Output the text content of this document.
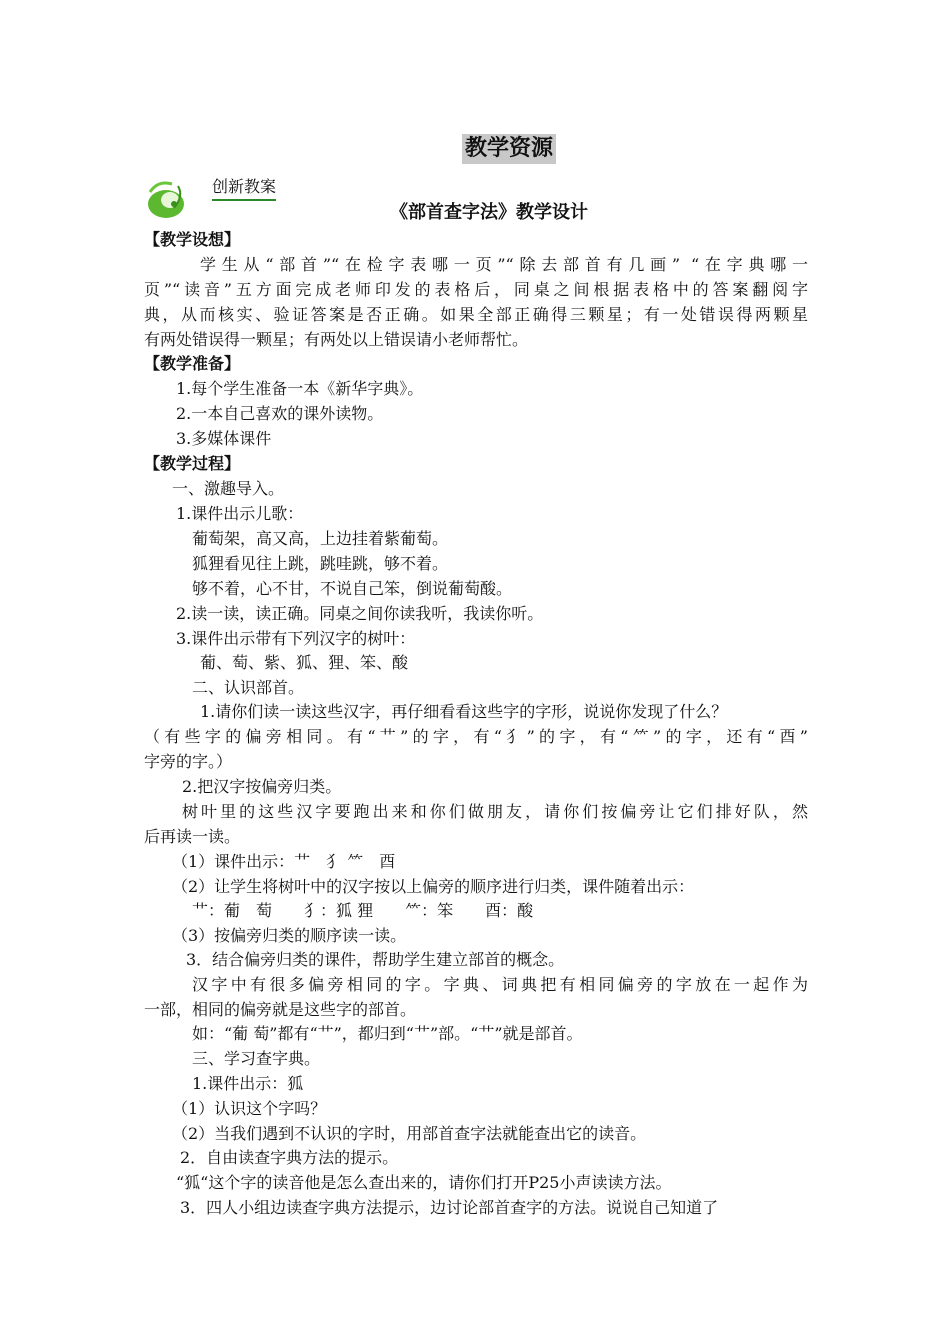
教学资源
创新教案
《部首查字法》教学设计
【教学设想】
学生从“部首”“在检字表哪一页”“除去部首有几画” “在字典哪一
页”“读音”五方面完成老师印发的表格后，同桌之间根据表格中的答案翻阅字
典，从而核实、验证答案是否正确。如果全部正确得三颗星；有一处错误得两颗星
有两处错误得一颗星；有两处以上错误请小老师帮忙。
【教学准备】
1.每个学生准备一本《新华字典》。
2.一本自己喜欢的课外读物。
3.多媒体课件
【教学过程】
一、激趣导入。
1.课件出示儿歌：
葡萄架，高又高，上边挂着紫葡萄。
狐狸看见往上跳，跳哇跳，够不着。
够不着，心不甘，不说自己笨，倒说葡萄酸。
2.读一读，读正确。同桌之间你读我听，我读你听。
3.课件出示带有下列汉字的树叶：
葡、萄、紫、狐、狸、笨、酸
二、认识部首。
1.请你们读一读这些汉字，再仔细看看这些字的字形，说说你发现了什么？
（有些字的偏旁相同。有“艹”的字，有“犭”的字，有“⺮”的字，还有“酉”
字旁的字。）
2.把汉字按偏旁归类。
树叶里的这些汉字要跑出来和你们做朋友，请你们按偏旁让它们排好队，然
后再读一读。
（1）课件出示：艹　犭 ⺮　酉
（2）让学生将树叶中的汉字按以上偏旁的顺序进行归类，课件随着出示：
艹：葡　萄　　犭：狐 狸　　⺮：笨　　酉：酸
（3）按偏旁归类的顺序读一读。
3．结合偏旁归类的课件，帮助学生建立部首的概念。
汉字中有很多偏旁相同的字。字典、词典把有相同偏旁的字放在一起作为
一部，相同的偏旁就是这些字的部首。
如：“葡 萄”都有“艹”，都归到“艹”部。“艹”就是部首。
三、学习查字典。
1.课件出示：狐
（1）认识这个字吗？
（2）当我们遇到不认识的字时，用部首查字法就能查出它的读音。
2．自由读查字典方法的提示。
“狐“这个字的读音他是怎么查出来的，请你们打开P25小声读读方法。
3．四人小组边读查字典方法提示，边讨论部首查字的方法。说说自己知道了
